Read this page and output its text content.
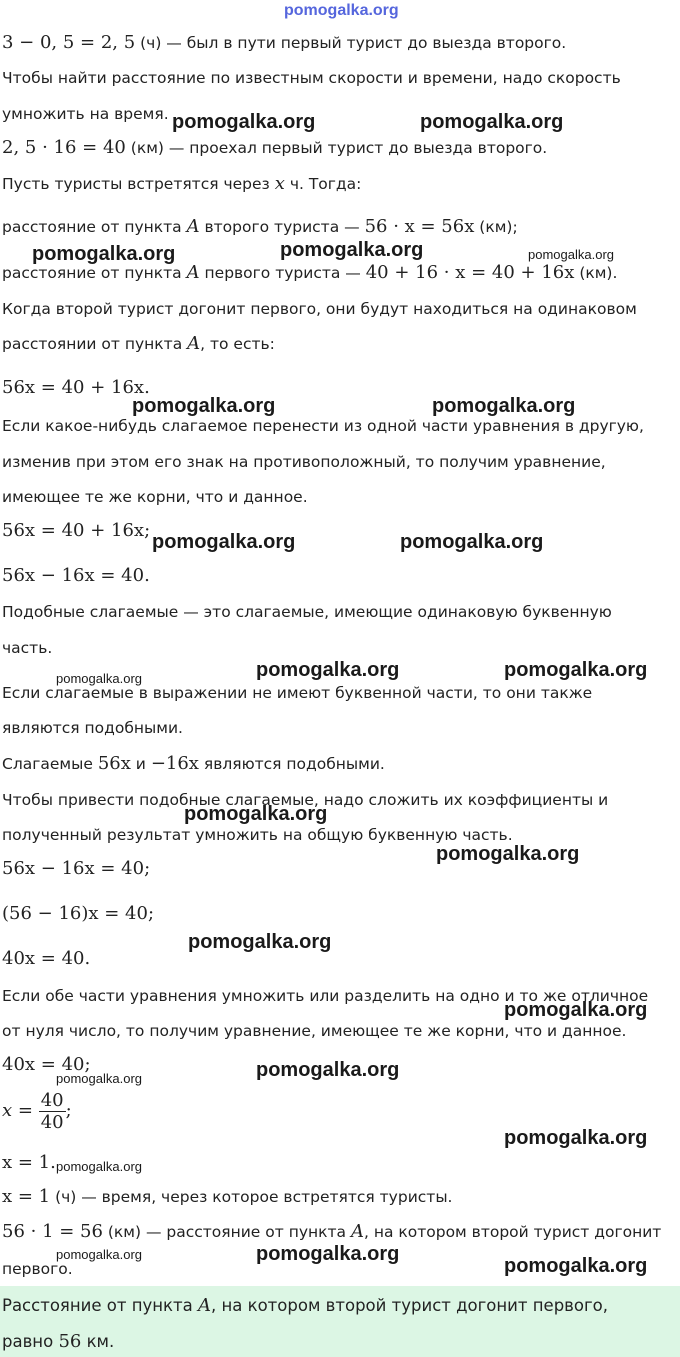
pomogalka.org
3 − 0, 5 = 2, 5 (ч) — был в пути первый турист до выезда второго.
Чтобы найти расстояние по известным скорости и времени, надо скорость
умножить на время.
2, 5 · 16 = 40 (км) — проехал первый турист до выезда второго.
Пусть туристы встретятся через x ч. Тогда:
расстояние от пункта A второго туриста — 56 · x = 56x (км);
расстояние от пункта A первого туриста — 40 + 16 · x = 40 + 16x (км).
Когда второй турист догонит первого, они будут находиться на одинаковом
расстоянии от пункта A, то есть:
56x = 40 + 16x.
Если какое-нибудь слагаемое перенести из одной части уравнения в другую,
изменив при этом его знак на противоположный, то получим уравнение,
имеющее те же корни, что и данное.
56x = 40 + 16x;
56x − 16x = 40.
Подобные слагаемые — это слагаемые, имеющие одинаковую буквенную
часть.
Если слагаемые в выражении не имеют буквенной части, то они также
являются подобными.
Слагаемые 56x и −16x являются подобными.
Чтобы привести подобные слагаемые, надо сложить их коэффициенты и
полученный результат умножить на общую буквенную часть.
56x − 16x = 40;
(56 − 16)x = 40;
40x = 40.
Если обе части уравнения умножить или разделить на одно и то же отличное
от нуля число, то получим уравнение, имеющее те же корни, что и данное.
40x = 40;
$x = \frac{40}{40}$ ;
x = 1.
x = 1 (ч) — время, через которое встретятся туристы.
56 · 1 = 56 (км) — расстояние от пункта A, на котором второй турист догонит
первого.
Расстояние от пункта A, на котором второй турист догонит первого,
равно 56 км.
pomogalka.org	pomogalka.org
pomogalka.org	pomogalka.org	pomogalka.org
pomogalka.org	pomogalka.org
pomogalka.org	pomogalka.org
pomogalka.org	pomogalka.org	pomogalka.org
pomogalka.org
pomogalka.org
pomogalka.org
pomogalka.org
pomogalka.org	pomogalka.org
pomogalka.org
pomogalka.org
pomogalka.org	pomogalka.org
pomogalka.org
